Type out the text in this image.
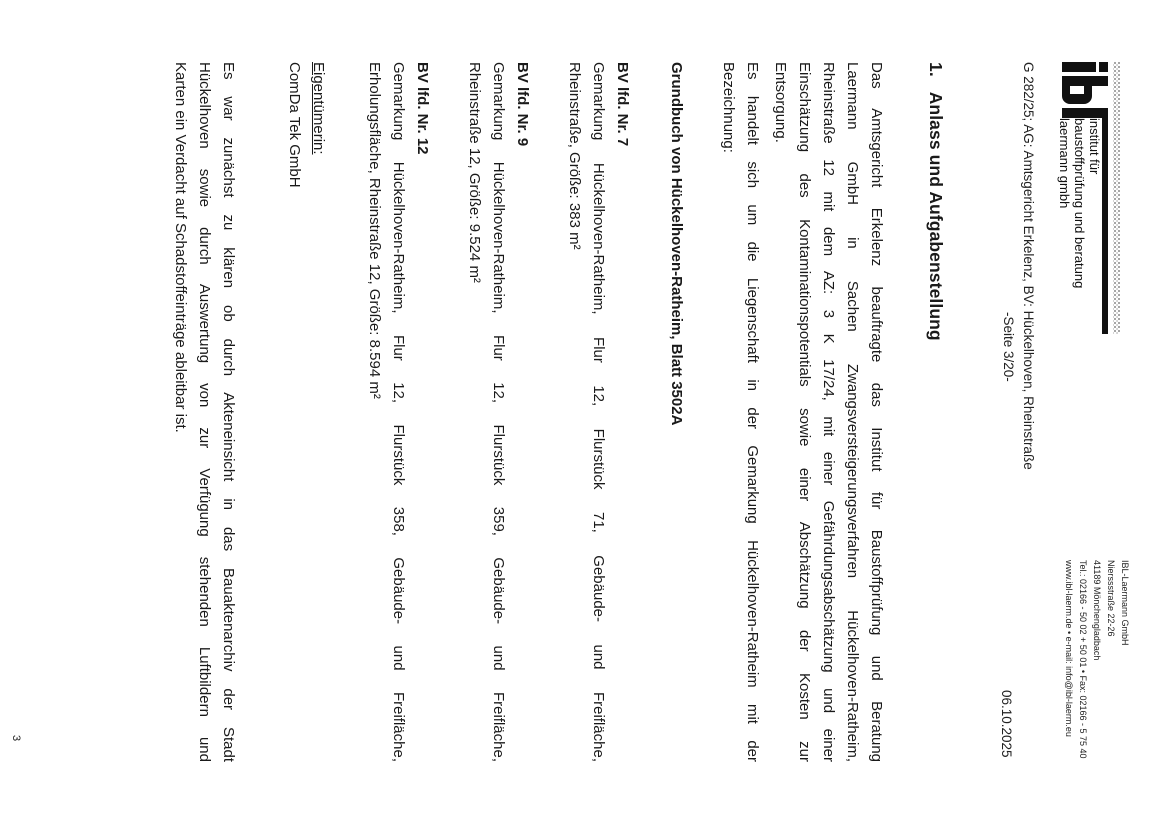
institut für
baustoffprüfung und beratung
laermann gmbh
IBL-Laermann GmbH
Nierssstraße 22-26
41189 Mönchengladbach
Tel.: 02166 - 50 02 + 50 01 • Fax: 02166 - 5 75 40
www.ibl-laerm.de • e-mail: info@ibl-laerm.eu
G 282/25; AG: Amtsgericht Erkelenz, BV: Hückelhoven, Rheinstraße
06.10.2025
-Seite 3/20-
1.   Anlass und Aufgabenstellung
Das Amtsgericht Erkelenz beauftragte das Institut für Baustoffprüfung und Beratung
Laermann GmbH in Sachen Zwangsversteigerungsverfahren Hückelhoven-Ratheim,
Rheinstraße 12 mit dem AZ: 3 K 17/24, mit einer Gefährdungsabschätzung und einer
Einschätzung des Kontaminationspotentials sowie einer Abschätzung der Kosten zur
Entsorgung.
Es handelt sich um die Liegenschaft in der Gemarkung Hückelhoven-Ratheim mit der
Bezeichnung:
Grundbuch von Hückelhoven-Ratheim, Blatt 3502A
BV lfd. Nr. 7
Gemarkung Hückelhoven-Ratheim, Flur 12, Flurstück 71, Gebäude- und Freifläche,
Rheinstraße, Größe: 383 m²
BV lfd. Nr. 9
Gemarkung Hückelhoven-Ratheim, Flur 12, Flurstück 359, Gebäude- und Freifläche,
Rheinstraße 12, Größe: 9.524 m²
BV lfd. Nr. 12
Gemarkung Hückelhoven-Ratheim, Flur 12, Flurstück 358, Gebäude- und Freifläche,
Erholungsfläche, Rheinstraße 12, Größe: 8.594 m²
Eigentümerin:
ComDa Tek GmbH
Es war zunächst zu klären ob durch Akteneinsicht in das Bauaktenarchiv der Stadt
Hückelhoven sowie durch Auswertung von zur Verfügung stehenden Luftbildern und
Karten ein Verdacht auf Schadstoffeinträge ableitbar ist.
3
